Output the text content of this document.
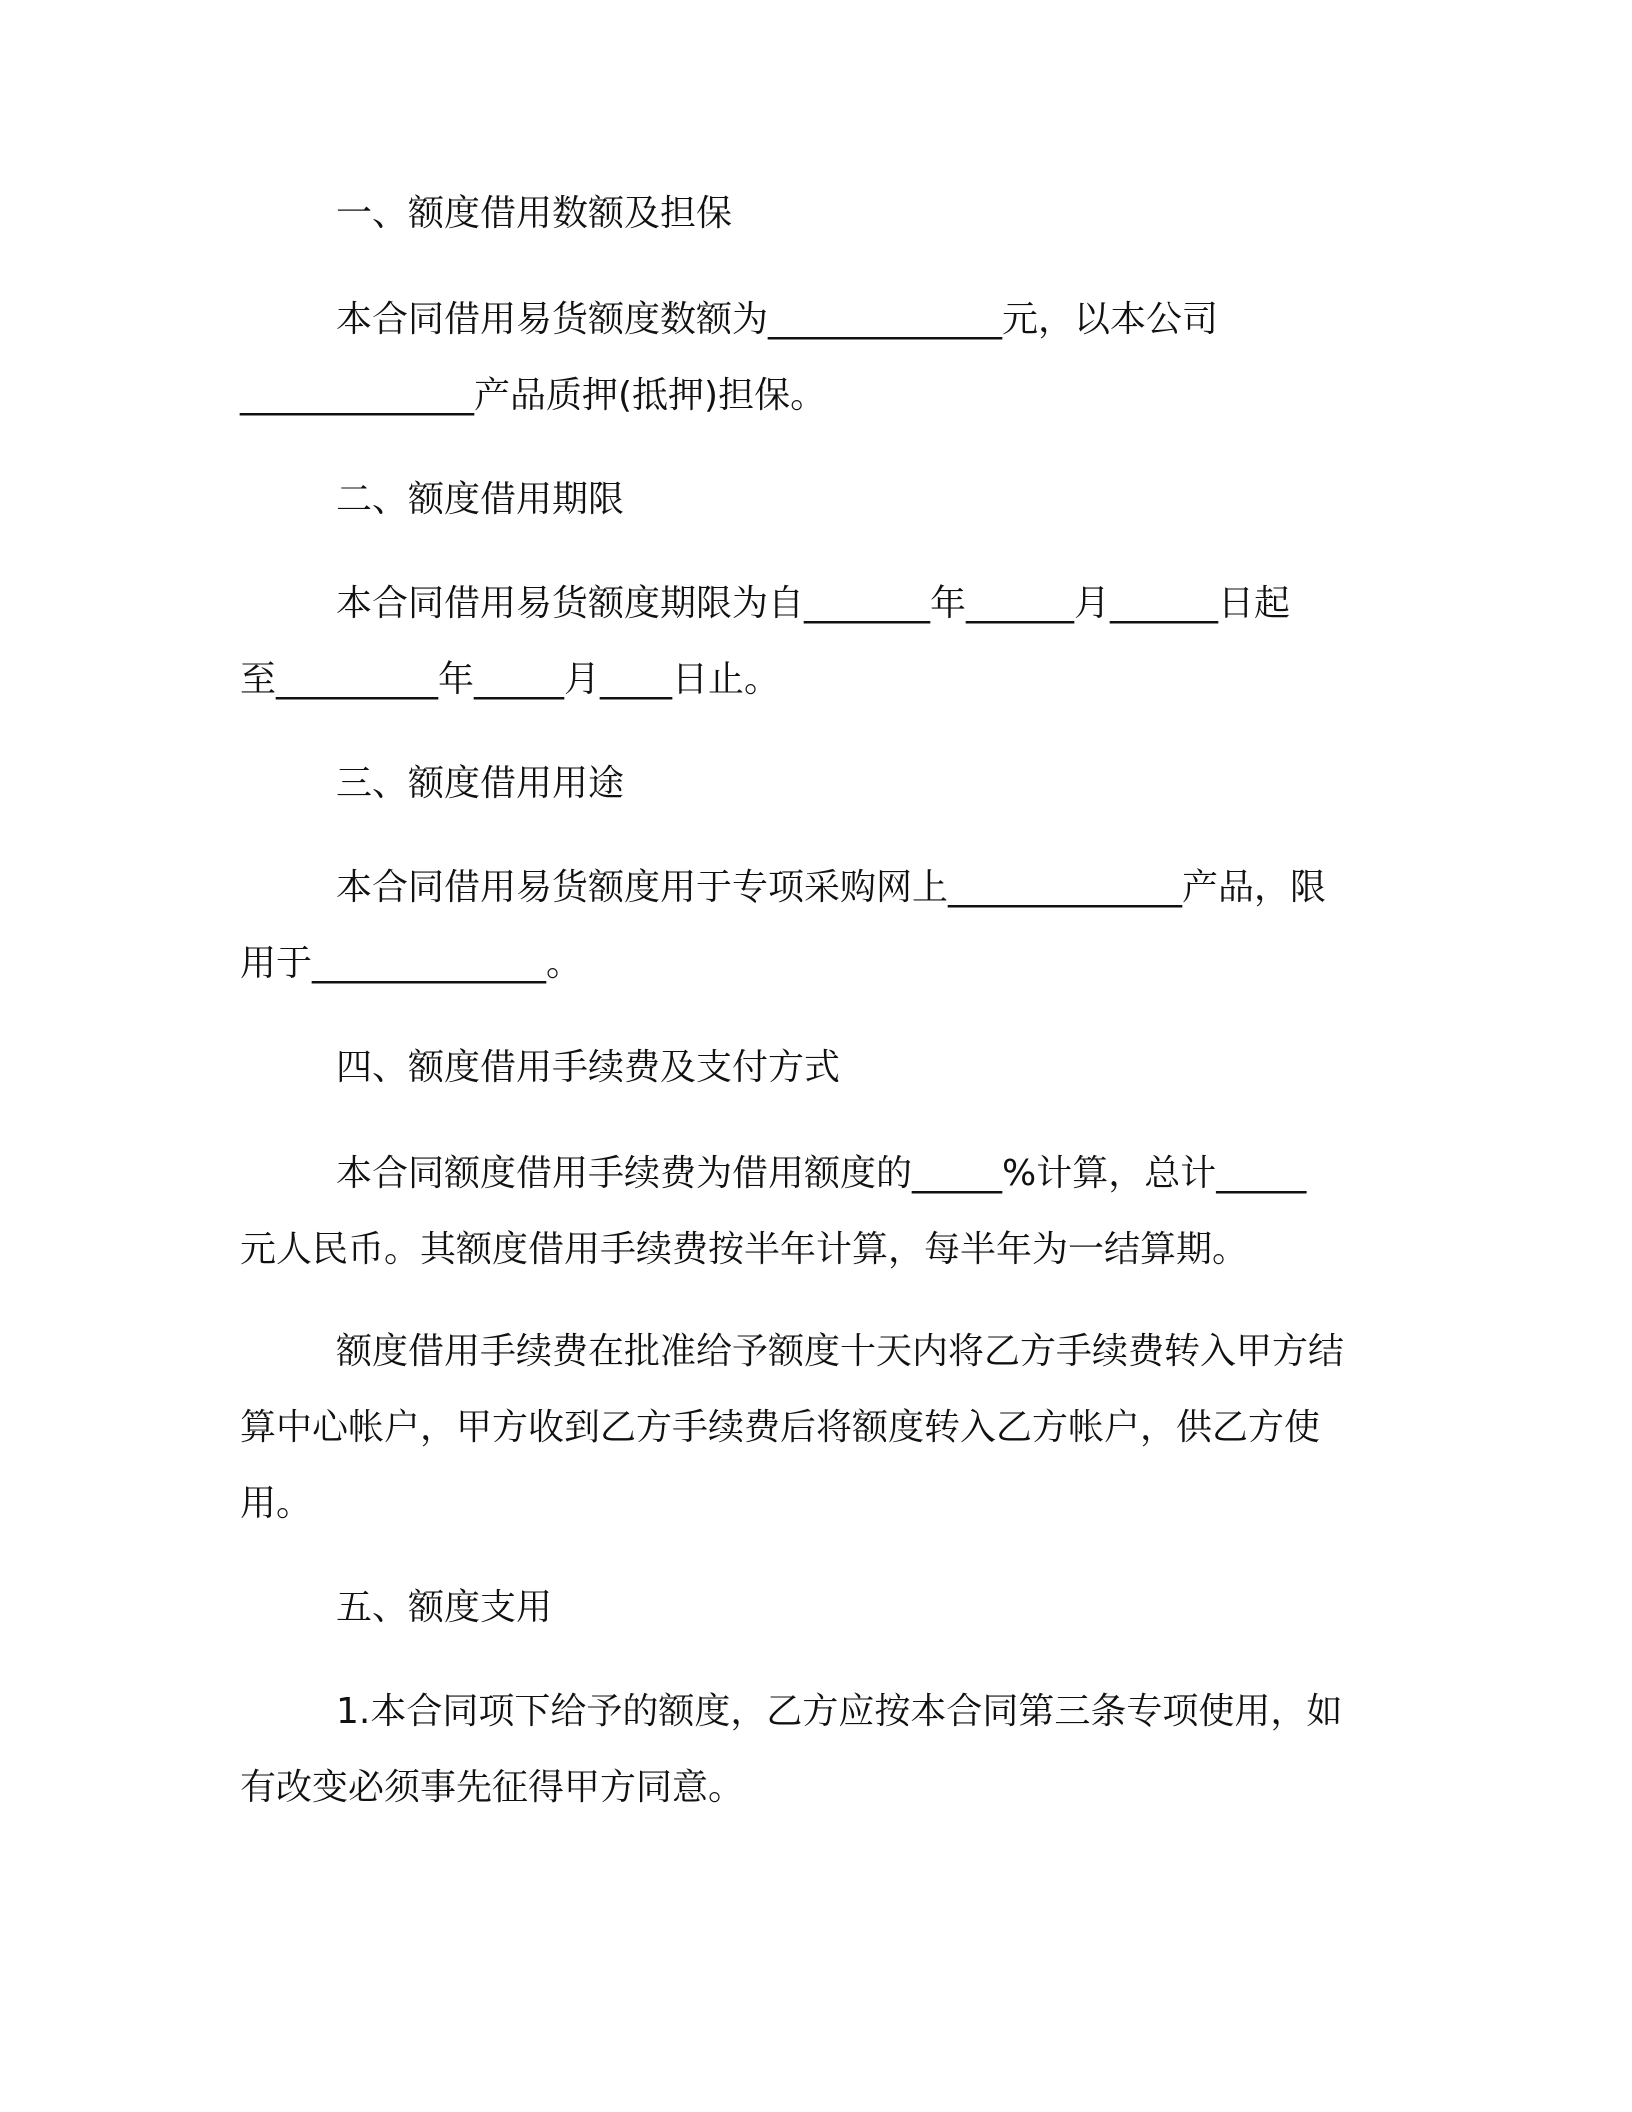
一、额度借用数额及担保
本合同借用易货额度数额为_____________元，以本公司
_____________产品质押(抵押)担保。
二、额度借用期限
本合同借用易货额度期限为自_______年______月______日起
至_________年_____月____日止。
三、额度借用用途
本合同借用易货额度用于专项采购网上_____________产品，限
用于_____________。
四、额度借用手续费及支付方式
本合同额度借用手续费为借用额度的_____%计算，总计_____
元人民币。其额度借用手续费按半年计算，每半年为一结算期。
额度借用手续费在批准给予额度十天内将乙方手续费转入甲方结
算中心帐户，甲方收到乙方手续费后将额度转入乙方帐户，供乙方使
用。
五、额度支用
1.本合同项下给予的额度，乙方应按本合同第三条专项使用，如
有改变必须事先征得甲方同意。
